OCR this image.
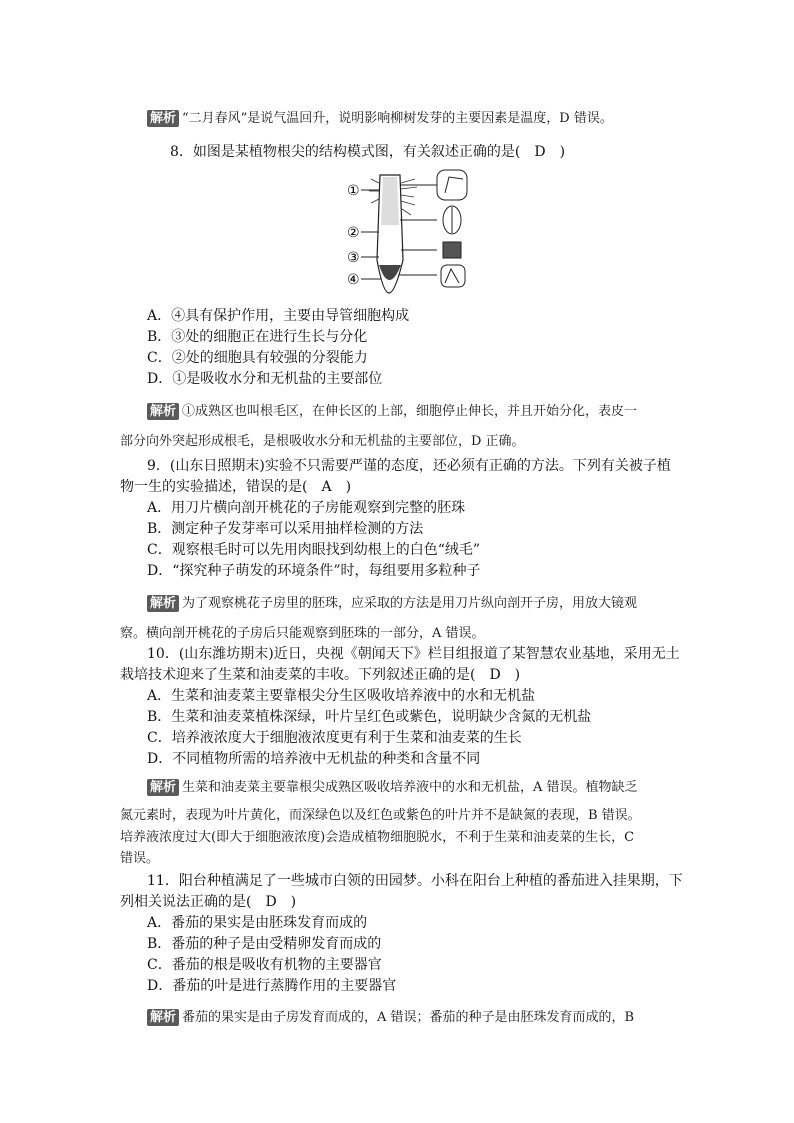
解析 “二月春风”是说气温回升，说明影响柳树发芽的主要因素是温度，D 错误。
8．如图是某植物根尖的结构模式图，有关叙述正确的是(　D　)
①
②
③
④
A．④具有保护作用，主要由导管细胞构成
B．③处的细胞正在进行生长与分化
C．②处的细胞具有较强的分裂能力
D．①是吸收水分和无机盐的主要部位
解析 ①成熟区也叫根毛区，在伸长区的上部，细胞停止伸长，并且开始分化，表皮一
部分向外突起形成根毛，是根吸收水分和无机盐的主要部位，D 正确。
9．(山东日照期末)实验不只需要严谨的态度，还必须有正确的方法。下列有关被子植
物一生的实验描述，错误的是(　A　)
A．用刀片横向剖开桃花的子房能观察到完整的胚珠
B．测定种子发芽率可以采用抽样检测的方法
C．观察根毛时可以先用肉眼找到幼根上的白色“绒毛”
D．“探究种子萌发的环境条件”时，每组要用多粒种子
解析 为了观察桃花子房里的胚珠，应采取的方法是用刀片纵向剖开子房，用放大镜观
察。横向剖开桃花的子房后只能观察到胚珠的一部分，A 错误。
10．(山东潍坊期末)近日，央视《朝闻天下》栏目组报道了某智慧农业基地，采用无土
栽培技术迎来了生菜和油麦菜的丰收。下列叙述正确的是(　D　)
A．生菜和油麦菜主要靠根尖分生区吸收培养液中的水和无机盐
B．生菜和油麦菜植株深绿，叶片呈红色或紫色，说明缺少含氮的无机盐
C．培养液浓度大于细胞液浓度更有利于生菜和油麦菜的生长
D．不同植物所需的培养液中无机盐的种类和含量不同
解析 生菜和油麦菜主要靠根尖成熟区吸收培养液中的水和无机盐，A 错误。植物缺乏
氮元素时，表现为叶片黄化，而深绿色以及红色或紫色的叶片并不是缺氮的表现，B 错误。
培养液浓度过大(即大于细胞液浓度)会造成植物细胞脱水，不利于生菜和油麦菜的生长，C
错误。
11．阳台种植满足了一些城市白领的田园梦。小科在阳台上种植的番茄进入挂果期，下
列相关说法正确的是(　D　)
A．番茄的果实是由胚珠发育而成的
B．番茄的种子是由受精卵发育而成的
C．番茄的根是吸收有机物的主要器官
D．番茄的叶是进行蒸腾作用的主要器官
解析 番茄的果实是由子房发育而成的，A 错误；番茄的种子是由胚珠发育而成的，B
